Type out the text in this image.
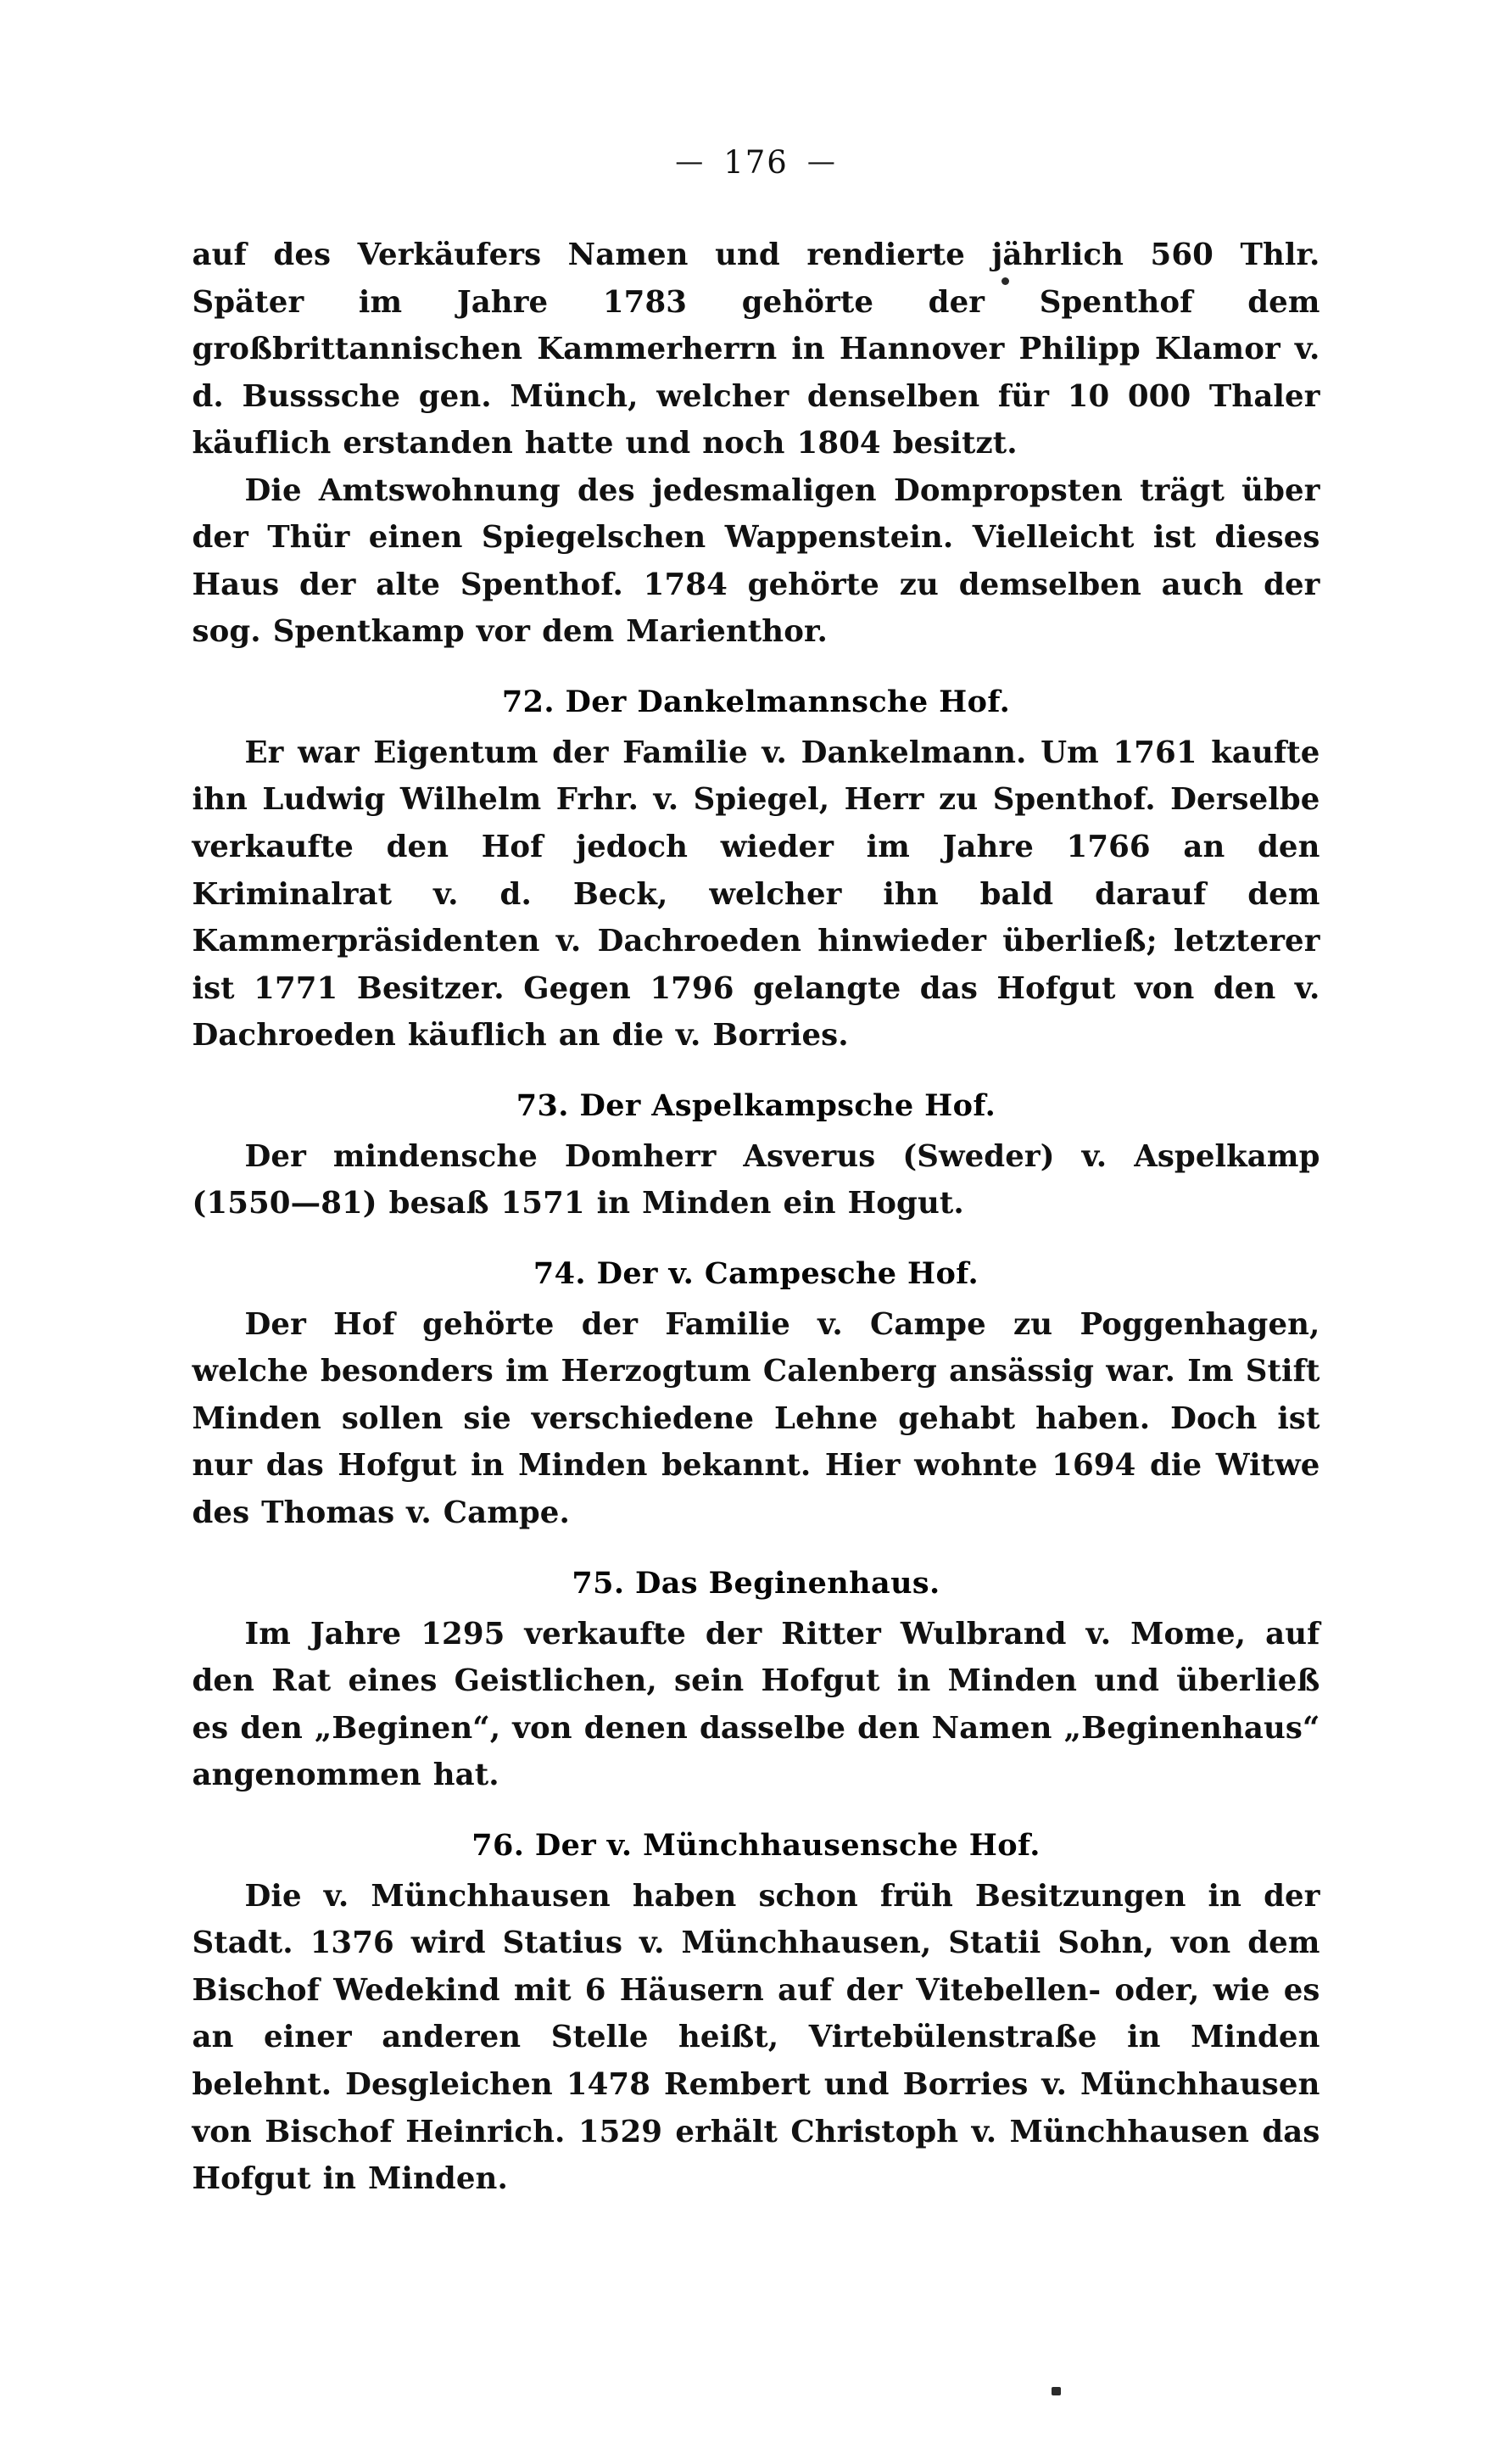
— 176 —

auf des Verkäufers Namen und rendierte jährlich 560 Thlr. Später im Jahre 1783 gehörte der Spenthof dem großbrittannischen Kammerherrn in Hannover Philipp Klamor v. d. Busssche gen. Münch, welcher denselben für 10 000 Thaler käuflich erstanden hatte und noch 1804 besitzt.

Die Amtswohnung des jedesmaligen Dompropsten trägt über der Thür einen Spiegelschen Wappenstein. Vielleicht ist dieses Haus der alte Spenthof. 1784 gehörte zu demselben auch der sog. Spentkamp vor dem Marienthor.

72. Der Dankelmannsche Hof.

Er war Eigentum der Familie v. Dankelmann. Um 1761 kaufte ihn Ludwig Wilhelm Frhr. v. Spiegel, Herr zu Spenthof. Derselbe verkaufte den Hof jedoch wieder im Jahre 1766 an den Kriminalrat v. d. Beck, welcher ihn bald darauf dem Kammerpräsidenten v. Dachroeden hinwieder überließ; letzterer ist 1771 Besitzer. Gegen 1796 gelangte das Hofgut von den v. Dachroeden käuflich an die v. Borries.

73. Der Aspelkampsche Hof.

Der mindensche Domherr Asverus (Sweder) v. Aspelkamp (1550—81) besaß 1571 in Minden ein Hogut.

74. Der v. Campesche Hof.

Der Hof gehörte der Familie v. Campe zu Poggenhagen, welche besonders im Herzogtum Calenberg ansässig war. Im Stift Minden sollen sie verschiedene Lehne gehabt haben. Doch ist nur das Hofgut in Minden bekannt. Hier wohnte 1694 die Witwe des Thomas v. Campe.

75. Das Beginenhaus.

Im Jahre 1295 verkaufte der Ritter Wulbrand v. Mome, auf den Rat eines Geistlichen, sein Hofgut in Minden und überließ es den „Beginen“, von denen dasselbe den Namen „Beginenhaus“ angenommen hat.

76. Der v. Münchhausensche Hof.

Die v. Münchhausen haben schon früh Besitzungen in der Stadt. 1376 wird Statius v. Münchhausen, Statii Sohn, von dem Bischof Wedekind mit 6 Häusern auf der Vitebellen- oder, wie es an einer anderen Stelle heißt, Virtebülenstraße in Minden belehnt. Desgleichen 1478 Rembert und Borries v. Münchhausen von Bischof Heinrich. 1529 erhält Christoph v. Münchhausen das Hofgut in Minden.
